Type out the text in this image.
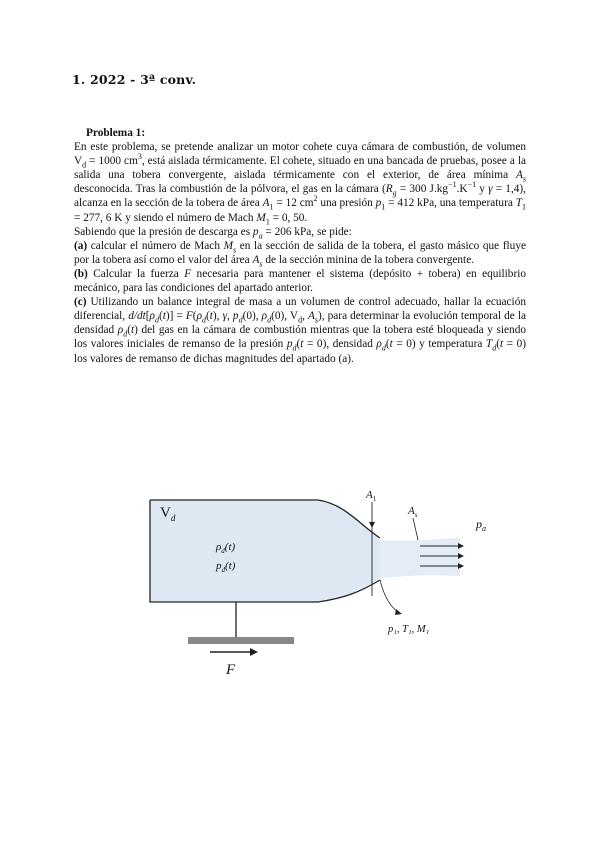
1. 2022 - 3ª conv.
Problema 1:

En este problema, se pretende analizar un motor cohete cuya cámara de combustión, de volumen $V_d = 1000$ $cm^3$, está aislada térmicamente. El cohete, situado en una bancada de pruebas, posee a la salida una tobera convergente, aislada térmicamente con el exterior, de área mínima $A_s$ desconocida. Tras la combustión de la pólvora, el gas en la cámara ($R_g = 300$ $J.kg^{-1}.K^{-1}$ y γ = 1,4), alcanza en la sección de la tobera de área $A_1 = 12$ $cm^2$ una presión $p_1 = 412$ kPa, una temperatura $T_1 = 277$, 6 K y siendo el número de Mach $M_1 = 0$, 50.

Sabiendo que la presión de descarga es $p_a = 206$ kPa, se pide:

(a) calcular el número de Mach $M_s$ en la sección de salida de la tobera, el gasto másico que fluye por la tobera así como el valor del área $A_s$ de la sección minina de la tobera convergente.

(b) Calcular la fuerza F necesaria para mantener el sistema (depósito + tobera) en equilibrio mecánico, para las condiciones del apartado anterior.

(c) Utilizando un balance integral de masa a un volumen de control adecuado, hallar la ecuación diferencial, $d/dt[\rho_d(t)] = F(\rho_d(t)$, γ, $p_d(0)$, $\rho_d(0)$, $V_d$, $A_s$), para determinar la evolución temporal de la densidad $\rho_d(t)$ del gas en la cámara de combustión mientras que la tobera esté bloqueada y siendo los valores iniciales de remanso de la presión $p_d(t = 0)$, densidad $\rho_d(t = 0)$ y temperatura $T_d(t = 0)$ los valores de remanso de dichas magnitudes del apartado (a).

$V_d$
$\rho_d(t)$
$p_d(t)$
$A_1$
$A_s$
$p_a$
p₁, T₁, M₁
F
